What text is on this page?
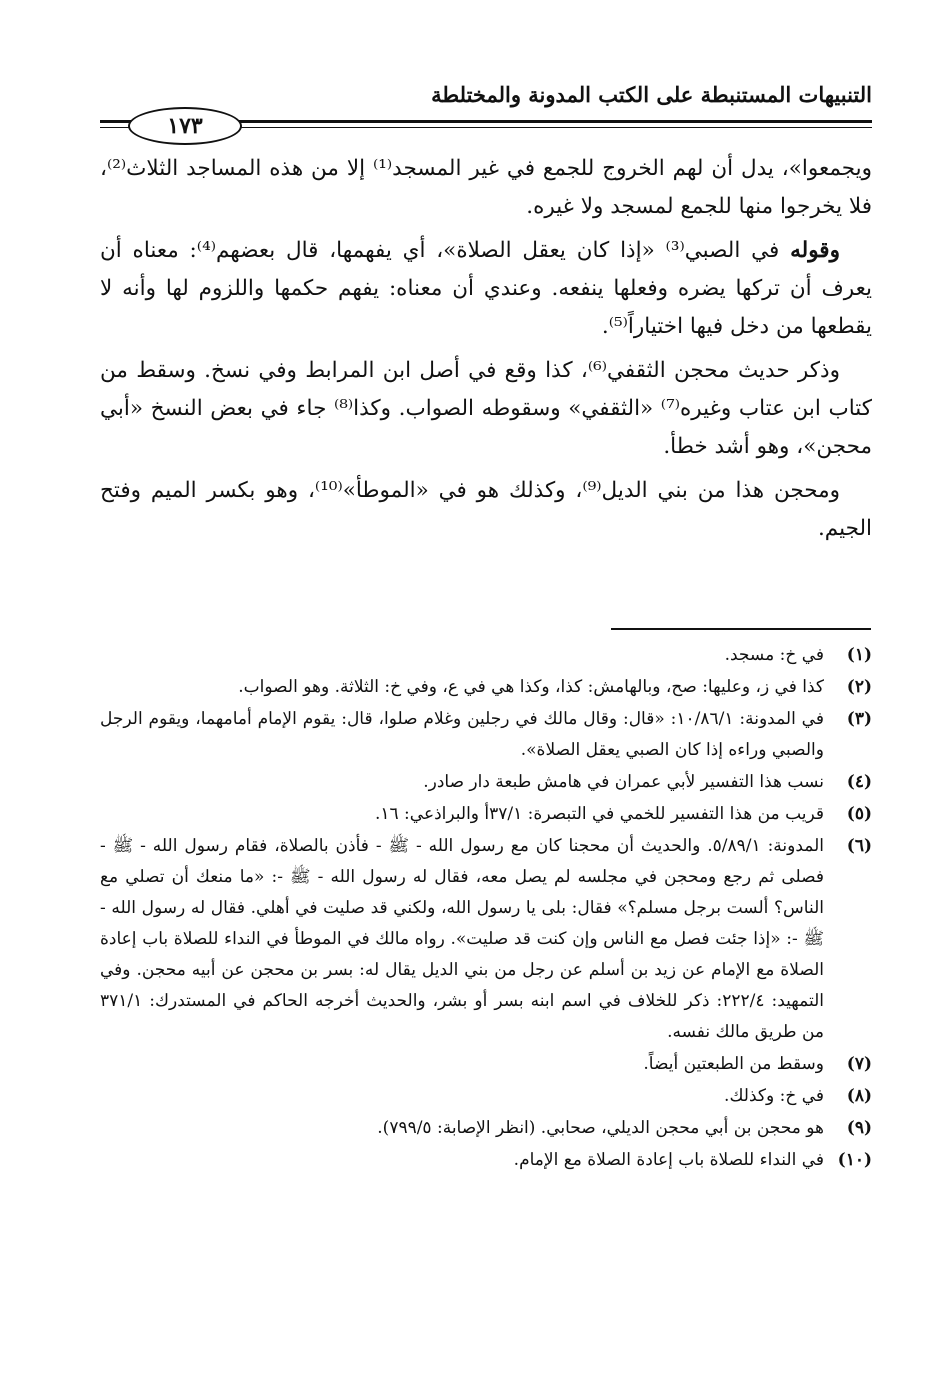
التنبيهات المستنبطة على الكتب المدونة والمختلطة
١٧٣

ويجمعوا»، يدل أن لهم الخروج للجمع في غير المسجد⁽¹⁾ إلا من هذه المساجد الثلاث⁽²⁾، فلا يخرجوا منها للجمع لمسجد ولا غيره.

وقوله في الصبي⁽³⁾ «إذا كان يعقل الصلاة»، أي يفهمها، قال بعضهم⁽⁴⁾: معناه أن يعرف أن تركها يضره وفعلها ينفعه. وعندي أن معناه: يفهم حكمها واللزوم لها وأنه لا يقطعها من دخل فيها اختياراً⁽⁵⁾.

وذكر حديث محجن الثقفي⁽⁶⁾، كذا وقع في أصل ابن المرابط وفي نسخ. وسقط من كتاب ابن عتاب وغيره⁽⁷⁾ «الثقفي» وسقوطه الصواب. وكذا⁽⁸⁾ جاء في بعض النسخ «أبي محجن»، وهو أشد خطأ.

ومحجن هذا من بني الديل⁽⁹⁾، وكذلك هو في «الموطأ»⁽¹⁰⁾، وهو بكسر الميم وفتح الجيم.

(١)
في خ: مسجد.
(٢)
كذا في ز، وعليها: صح، وبالهامش: كذا، وكذا هي في ع، وفي خ: الثلاثة. وهو الصواب.
(٣)
في المدونة: ١٠/٨٦/١: «قال: وقال مالك في رجلين وغلام صلوا، قال: يقوم الإمام أمامهما، ويقوم الرجل والصبي وراءه إذا كان الصبي يعقل الصلاة».
(٤)
نسب هذا التفسير لأبي عمران في هامش طبعة دار صادر.
(٥)
قريب من هذا التفسير للخمي في التبصرة: ٣٧/١أ والبراذعي: ١٦.
(٦)
المدونة: ٥/٨٩/١. والحديث أن محجنا كان مع رسول الله - ﷺ - فأذن بالصلاة، فقام رسول الله - ﷺ - فصلى ثم رجع ومحجن في مجلسه لم يصل معه، فقال له رسول الله - ﷺ -: «ما منعك أن تصلي مع الناس؟ ألست برجل مسلم؟» فقال: بلى يا رسول الله، ولكني قد صليت في أهلي. فقال له رسول الله - ﷺ -: «إذا جئت فصل مع الناس وإن كنت قد صليت». رواه مالك في الموطأ في النداء للصلاة باب إعادة الصلاة مع الإمام عن زيد بن أسلم عن رجل من بني الديل يقال له: بسر بن محجن عن أبيه محجن. وفي التمهيد: ٢٢٢/٤: ذكر للخلاف في اسم ابنه بسر أو بشر، والحديث أخرجه الحاكم في المستدرك: ٣٧١/١ من طريق مالك نفسه.
(٧)
وسقط من الطبعتين أيضاً.
(٨)
في خ: وكذلك.
(٩)
هو محجن بن أبي محجن الديلي، صحابي. (انظر الإصابة: ٧٩٩/٥).
(١٠)
في النداء للصلاة باب إعادة الصلاة مع الإمام.
